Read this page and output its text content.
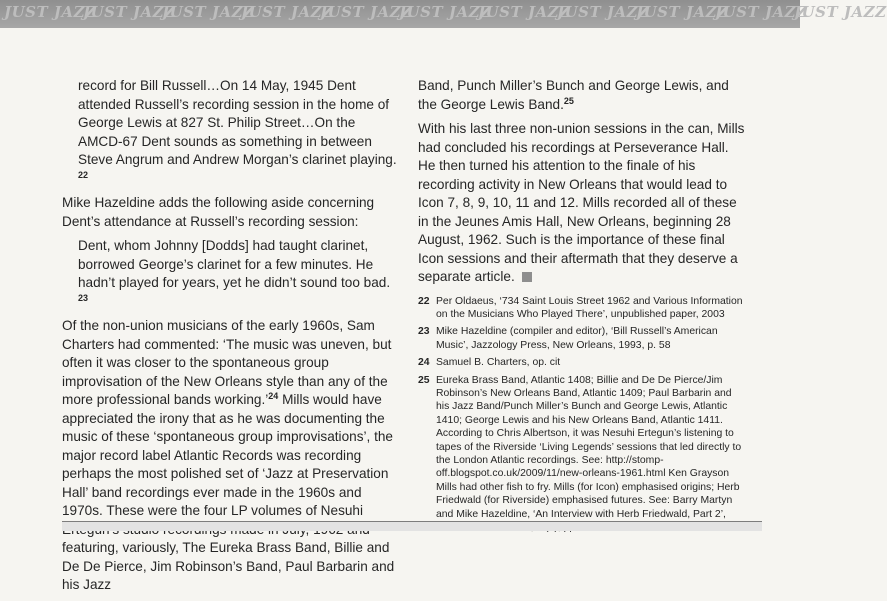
JUST JAZZJUST JAZZJUST JAZZJUST JAZZJUST JAZZJUST JAZZJUST JAZZJUST JAZZJUST JAZZJUST JAZZJUST JAZZ

record for Bill Russell…On 14 May, 1945 Dent attended Russell’s recording session in the home of George Lewis at 827 St. Philip Street…On the AMCD-67 Dent sounds as something in between Steve Angrum and Andrew Morgan’s clarinet playing. $^{22}$

Mike Hazeldine adds the following aside concerning Dent’s attendance at Russell’s recording session:

Dent, whom Johnny [Dodds] had taught clarinet, borrowed George’s clarinet for a few minutes. He hadn’t played for years, yet he didn’t sound too bad. $^{23}$

Of the non-union musicians of the early 1960s, Sam Charters had commented: ‘The music was uneven, but often it was closer to the spontaneous group improvisation of the New Orleans style than any of the more professional bands working.’$^{24}$ Mills would have appreciated the irony that as he was documenting the music of these ‘spontaneous group improvisations’, the major record label Atlantic Records was recording perhaps the most polished set of ‘Jazz at Preservation Hall’ band recordings ever made in the 1960s and 1970s. These were the four LP volumes of Nesuhi featuring, variously, The Eureka Brass Band, Billie and De De Pierce, Jim Robinson’s Band, Paul Barbarin and his Jazz

Band, Punch Miller’s Bunch and George Lewis, and the George Lewis Band.$^{25}$

With his last three non-union sessions in the can, Mills had concluded his recordings at Perseverance Hall. He then turned his attention to the finale of his recording activity in New Orleans that would lead to Icon 7, 8, 9, 10, 11 and 12. Mills recorded all of these in the Jeunes Amis Hall, New Orleans, beginning 28 August, 1962. Such is the importance of these final Icon sessions and their aftermath that they deserve a separate article.

22 Per Oldaeus, ‘734 Saint Louis Street 1962 and Various Information on the Musicians Who Played There’, unpublished paper, 2003
23 Mike Hazeldine (compiler and editor), ‘Bill Russell’s American Music’, Jazzology Press, New Orleans, 1993, p. 58
24 Samuel B. Charters, op. cit
25 Eureka Brass Band, Atlantic 1408; Billie and De De Pierce/Jim Robinson’s New Orleans Band, Atlantic 1409; Paul Barbarin and his Jazz Band/Punch Miller’s Bunch and George Lewis, Atlantic 1410; George Lewis and his New Orleans Band, Atlantic 1411. According to Chris Albertson, it was Nesuhi Ertegun’s listening to tapes of the Riverside ‘Living Legends’ sessions that led directly to the London Atlantic recordings. See: http://stomp-off.blogspot.co.uk/2009/11/new-orleans-1961.html Ken Grayson Mills had other fish to fry. Mills (for Icon) emphasised origins; Herb Friedwald (for Riverside) emphasised futures. See: Barry Martyn and Mike Hazeldine, ‘An Interview with Herb Friedwald, Part 2’,
